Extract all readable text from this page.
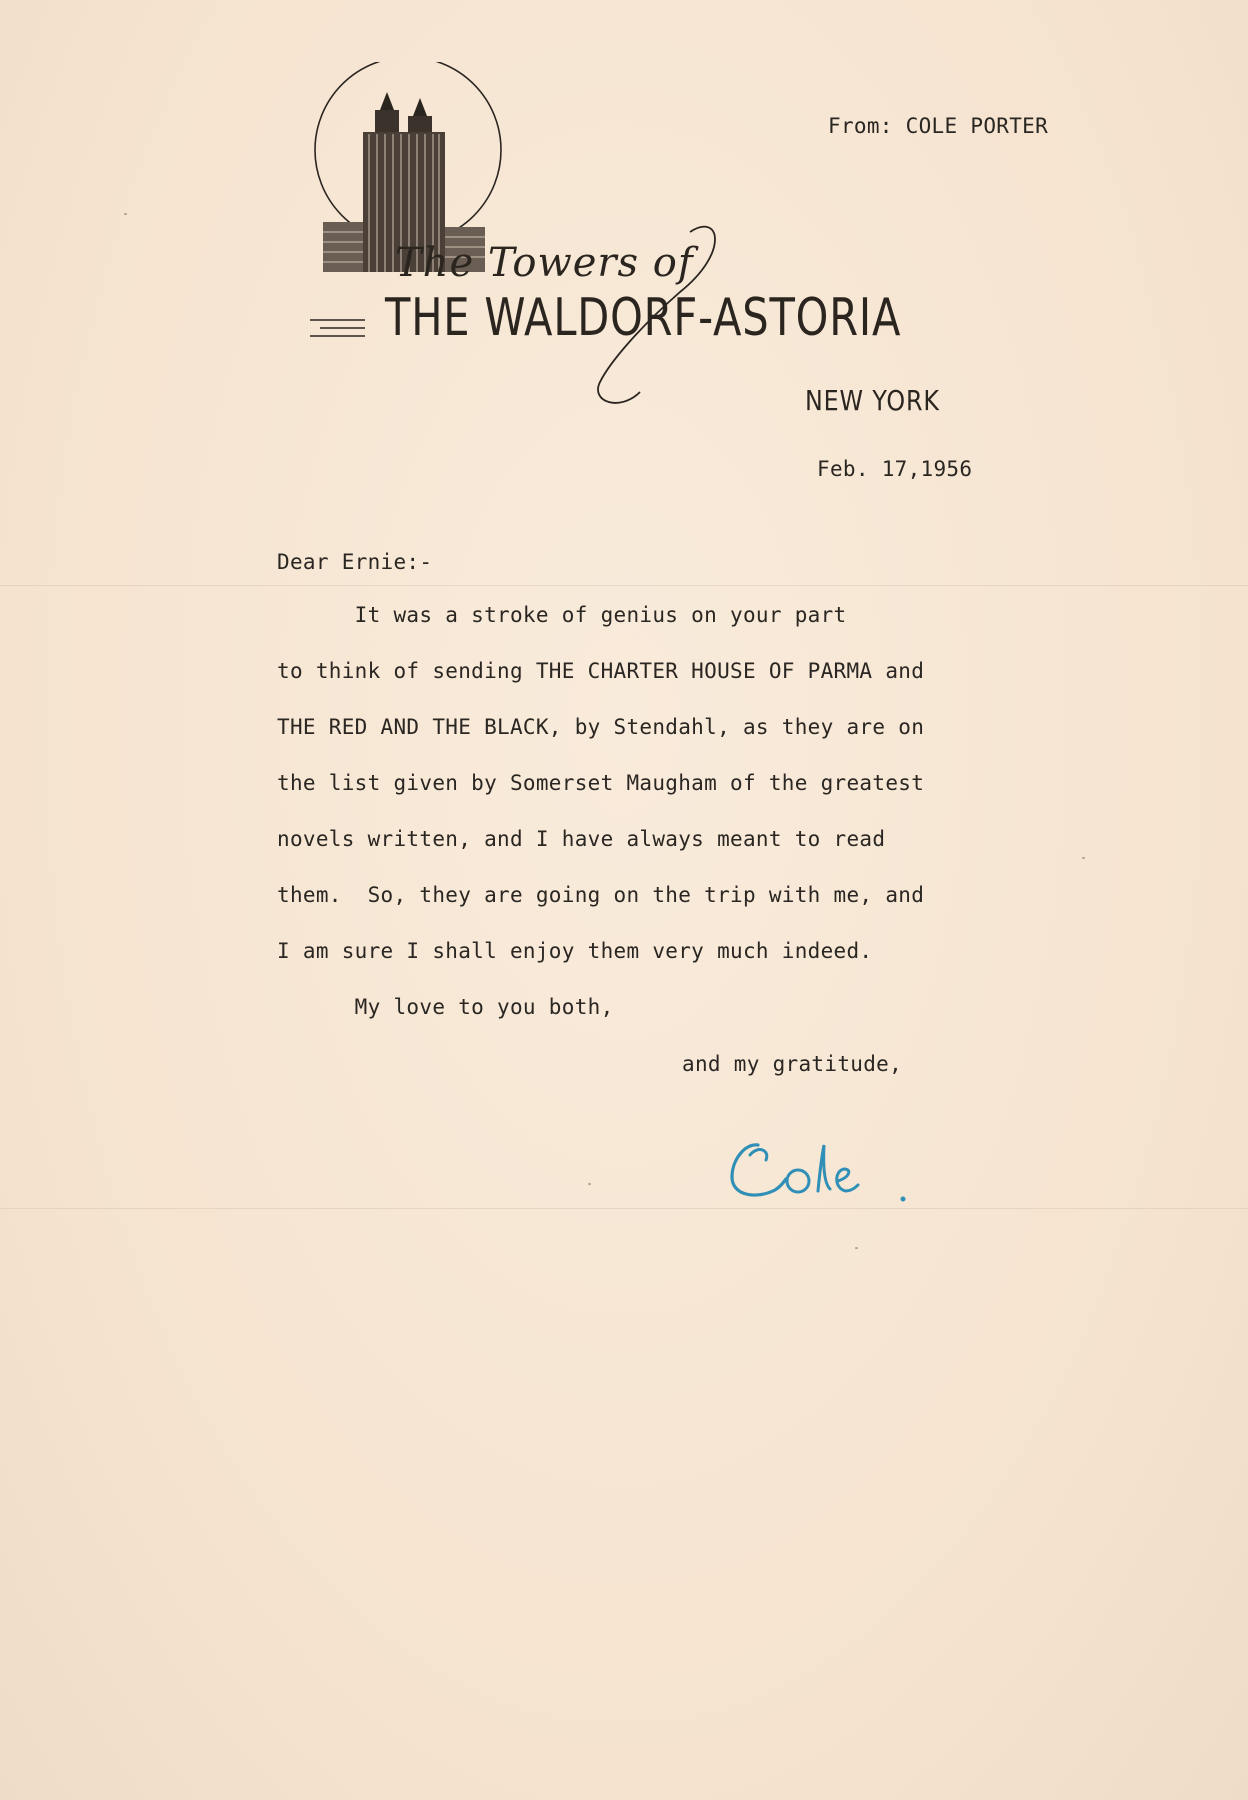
The Towers of
THE WALDORF-ASTORIA
NEW YORK
From: COLE PORTER
Feb. 17,1956
Dear Ernie:-
It was a stroke of genius on your part
to think of sending THE CHARTER HOUSE OF PARMA and
THE RED AND THE BLACK, by Stendahl, as they are on
the list given by Somerset Maugham of the greatest
novels written, and I have always meant to read
them.  So, they are going on the trip with me, and
I am sure I shall enjoy them very much indeed.
My love to you both,
and my gratitude,
